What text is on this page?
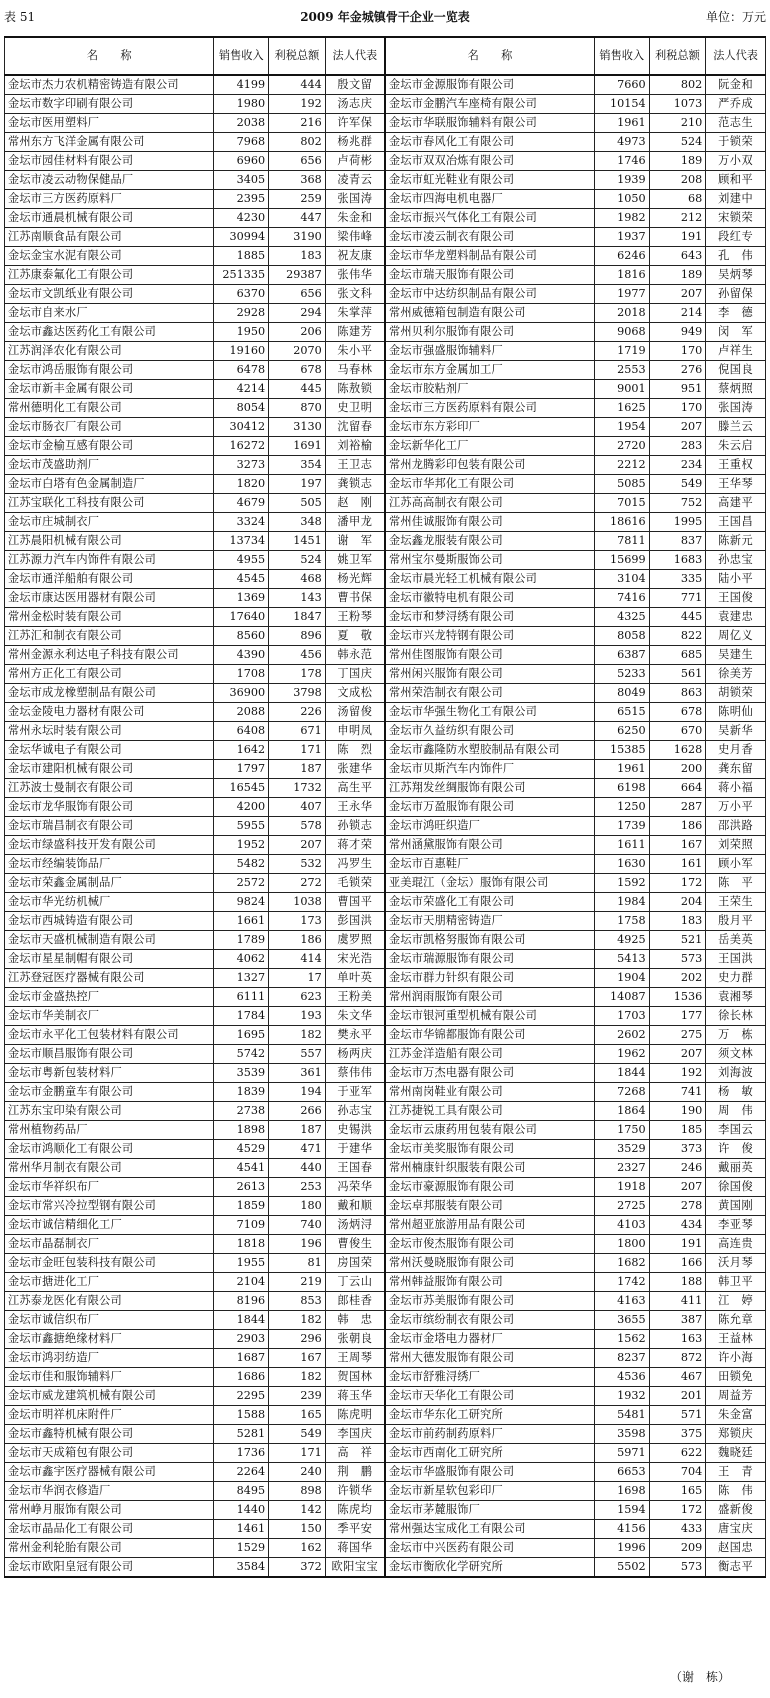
表 51	2009 年金城镇骨干企业一览表	单位：万元
名　　称	销售收入	利税总额	法人代表	名　　称	销售收入	利税总额	法人代表
金坛市杰力农机精密铸造有限公司	4199	444	殷文留	金坛市金源服饰有限公司	7660	802	阮金和
金坛市数字印刷有限公司	1980	192	汤志庆	金坛市金鹏汽车座椅有限公司	10154	1073	严乔成
金坛市医用塑料厂	2038	216	许军保	金坛市华联服饰辅料有限公司	1961	210	范志生
常州东方飞洋金属有限公司	7968	802	杨兆群	金坛市春风化工有限公司	4973	524	于锁荣
金坛市园佳材料有限公司	6960	656	卢荷彬	金坛市双双冶炼有限公司	1746	189	万小双
金坛市凌云动物保健品厂	3405	368	凌青云	金坛市虹光鞋业有限公司	1939	208	顾和平
金坛市三方医药原料厂	2395	259	张国涛	金坛市四海电机电器厂	1050	68	刘建中
金坛市通晨机械有限公司	4230	447	朱金和	金坛市振兴气体化工有限公司	1982	212	宋锁荣
江苏南顺食品有限公司	30994	3190	梁伟峰	金坛市凌云制衣有限公司	1937	191	段红专
金坛金宝水泥有限公司	1885	183	祝友康	金坛市华龙塑料制品有限公司	6246	643	孔　伟
江苏康泰氟化工有限公司	251335	29387	张伟华	金坛市瑞天服饰有限公司	1816	189	吴炳琴
金坛市文凯纸业有限公司	6370	656	张文科	金坛市中达纺织制品有限公司	1977	207	孙留保
金坛市自来水厂	2928	294	朱掌萍	常州威德箱包制造有限公司	2018	214	李　德
金坛市鑫达医药化工有限公司	1950	206	陈建芳	常州贝利尔服饰有限公司	9068	949	闵　军
江苏润泽农化有限公司	19160	2070	朱小平	金坛市强盛服饰辅料厂	1719	170	卢祥生
金坛市鸿岳服饰有限公司	6478	678	马春林	金坛市东方金属加工厂	2553	276	倪国良
金坛市新丰金属有限公司	4214	445	陈敖锁	金坛市胶粘剂厂	9001	951	蔡炳照
常州德明化工有限公司	8054	870	史卫明	金坛市三方医药原料有限公司	1625	170	张国涛
金坛市肠衣厂有限公司	30412	3130	沈留春	金坛市东方彩印厂	1954	207	滕兰云
金坛市金榆互感有限公司	16272	1691	刘裕榆	金坛新华化工厂	2720	283	朱云启
金坛市茂盛助剂厂	3273	354	王卫志	常州龙腾彩印包装有限公司	2212	234	王重权
金坛市白塔有色金属制造厂	1820	197	龚锁志	金坛市华邦化工有限公司	5085	549	王华琴
江苏宝联化工科技有限公司	4679	505	赵　刚	江苏高高制衣有限公司	7015	752	高建平
金坛市庄城制衣厂	3324	348	潘甲龙	常州佳诚服饰有限公司	18616	1995	王国昌
江苏晨阳机械有限公司	13734	1451	谢　军	金坛鑫龙服装有限公司	7811	837	陈新元
江苏源力汽车内饰件有限公司	4955	524	姚卫军	常州宝尔曼斯服饰公司	15699	1683	孙忠宝
金坛市通洋船舶有限公司	4545	468	杨光辉	金坛市晨光轻工机械有限公司	3104	335	陆小平
金坛市康达医用器材有限公司	1369	143	曹书保	金坛市徽特电机有限公司	7416	771	王国俊
常州金松时装有限公司	17640	1847	王粉琴	金坛市和梦浔绣有限公司	4325	445	袁建忠
江苏汇和制衣有限公司	8560	896	夏　敬	金坛市兴龙特钢有限公司	8058	822	周亿义
常州金源永利达电子科技有限公司	4390	456	韩永范	常州佳图服饰有限公司	6387	685	吴建生
常州方正化工有限公司	1708	178	丁国庆	常州闲兴服饰有限公司	5233	561	徐美芳
金坛市成龙橡塑制品有限公司	36900	3798	文成松	常州荣浩制衣有限公司	8049	863	胡锁荣
金坛金陵电力器材有限公司	2088	226	汤留俊	金坛市华强生物化工有限公司	6515	678	陈明仙
常州永坛时装有限公司	6408	671	申明凤	金坛市久益纺织有限公司	6250	670	吴新华
金坛华诚电子有限公司	1642	171	陈　烈	金坛市鑫隆防水塑胶制品有限公司	15385	1628	史月香
金坛市建阳机械有限公司	1797	187	张建华	金坛市贝斯汽车内饰件厂	1961	200	龚东留
江苏波士曼制衣有限公司	16545	1732	高生平	江苏翔发丝绸服饰有限公司	6198	664	蒋小福
金坛市龙华服饰有限公司	4200	407	王永华	金坛市万盈服饰有限公司	1250	287	万小平
金坛市瑞昌制衣有限公司	5955	578	孙锁志	金坛市鸿旺织造厂	1739	186	邵洪路
金坛市绿盛科技开发有限公司	1952	207	蒋才荣	常州涵黛服饰有限公司	1611	167	刘荣照
金坛市经编装饰品厂	5482	532	冯罗生	金坛市百惠鞋厂	1630	161	顾小军
金坛市荣鑫金属制品厂	2572	272	毛锁荣	亚美琨江（金坛）服饰有限公司	1592	172	陈　平
金坛市华光纺机械厂	9824	1038	曹国平	金坛市荣盛化工有限公司	1984	204	王荣生
金坛市西城铸造有限公司	1661	173	彭国洪	金坛市天朋精密铸造厂	1758	183	殷月平
金坛市天盛机械制造有限公司	1789	186	虞罗照	金坛市凯格努服饰有限公司	4925	521	岳美英
金坛市星星制帽有限公司	4062	414	宋光浩	金坛市瑞源服饰有限公司	5413	573	王国洪
江苏登冠医疗器械有限公司	1327	17	单叶英	金坛市群力针织有限公司	1904	202	史力群
金坛市金盛热控厂	6111	623	王粉美	常州润雨服饰有限公司	14087	1536	袁湘琴
金坛市华美制衣厂	1784	193	朱文华	金坛市银河重型机械有限公司	1703	177	徐长林
金坛市永平化工包装材料有限公司	1695	182	樊永平	金坛市华锦都服饰有限公司	2602	275	万　栋
金坛市顺昌服饰有限公司	5742	557	杨两庆	江苏金洋造船有限公司	1962	207	须文林
金坛市粤新包装材料厂	3539	361	蔡伟伟	金坛市万杰电器有限公司	1844	192	刘海波
金坛市金鹏童车有限公司	1839	194	于亚军	常州南岗鞋业有限公司	7268	741	杨　敏
江苏东宝印染有限公司	2738	266	孙志宝	江苏捷锐工具有限公司	1864	190	周　伟
常州植物药品厂	1898	187	史锡洪	金坛市云康药用包装有限公司	1750	185	李国云
金坛市鸿顺化工有限公司	4529	471	于建华	金坛市美奖服饰有限公司	3529	373	许　俊
常州华月制衣有限公司	4541	440	王国春	常州楠康针织服装有限公司	2327	246	戴丽英
金坛市华祥织布厂	2613	253	冯荣华	金坛市豪源服饰有限公司	1918	207	徐国俊
金坛市常兴冷拉型钢有限公司	1859	180	戴和顺	金坛卓邦服装有限公司	2725	278	黄国刚
金坛市诚信精细化工厂	7109	740	汤炳浔	常州超亚旅游用品有限公司	4103	434	李亚琴
金坛市晶磊制衣厂	1818	196	曹俊生	金坛市俊杰服饰有限公司	1800	191	高连贵
金坛市金旺包装科技有限公司	1955	81	房国荣	常州沃曼晓服饰有限公司	1682	166	沃月琴
金坛市搪进化工厂	2104	219	丁云山	常州韩益服饰有限公司	1742	188	韩卫平
江苏泰龙医化有限公司	8196	853	郎桂香	金坛市苏美服饰有限公司	4163	411	江　婷
金坛市诚信织布厂	1844	182	韩　忠	金坛市缤纷制衣有限公司	3655	387	陈允章
金坛市鑫搪绝缘材料厂	2903	296	张朝良	金坛市金塔电力器材厂	1562	163	王益林
金坛市鸿羽纺造厂	1687	167	王周琴	常州大德发服饰有限公司	8237	872	许小海
金坛市佳和服饰辅料厂	1686	182	贺国林	金坛市舒雅浔绣厂	4536	467	田锁免
金坛市威龙建筑机械有限公司	2295	239	蒋玉华	金坛市天华化工有限公司	1932	201	周益芳
金坛市明祥机床附件厂	1588	165	陈虎明	金坛市华东化工研究所	5481	571	朱金富
金坛市鑫特机械有限公司	5281	549	李国庆	金坛市前药制药原料厂	3598	375	郑锁庆
金坛市天成箱包有限公司	1736	171	高　祥	金坛市西南化工研究所	5971	622	魏晓廷
金坛市鑫宇医疗器械有限公司	2264	240	荆　鹏	金坛市华盛服饰有限公司	6653	704	王　青
金坛市华润衣修造厂	8495	898	许锁华	金坛市新星软包彩印厂	1698	165	陈　伟
常州峥月服饰有限公司	1440	142	陈虎均	金坛市茅麓服饰厂	1594	172	盛新俊
金坛市晶品化工有限公司	1461	150	季平安	常州强达宝成化工有限公司	4156	433	唐宝庆
常州金利轮胎有限公司	1529	162	蒋国华	金坛市中兴医药有限公司	1996	209	赵国忠
金坛市欧阳皇冠有限公司	3584	372	欧阳宝宝	金坛市衡欣化学研究所	5502	573	衡志平
（谢　栋）
